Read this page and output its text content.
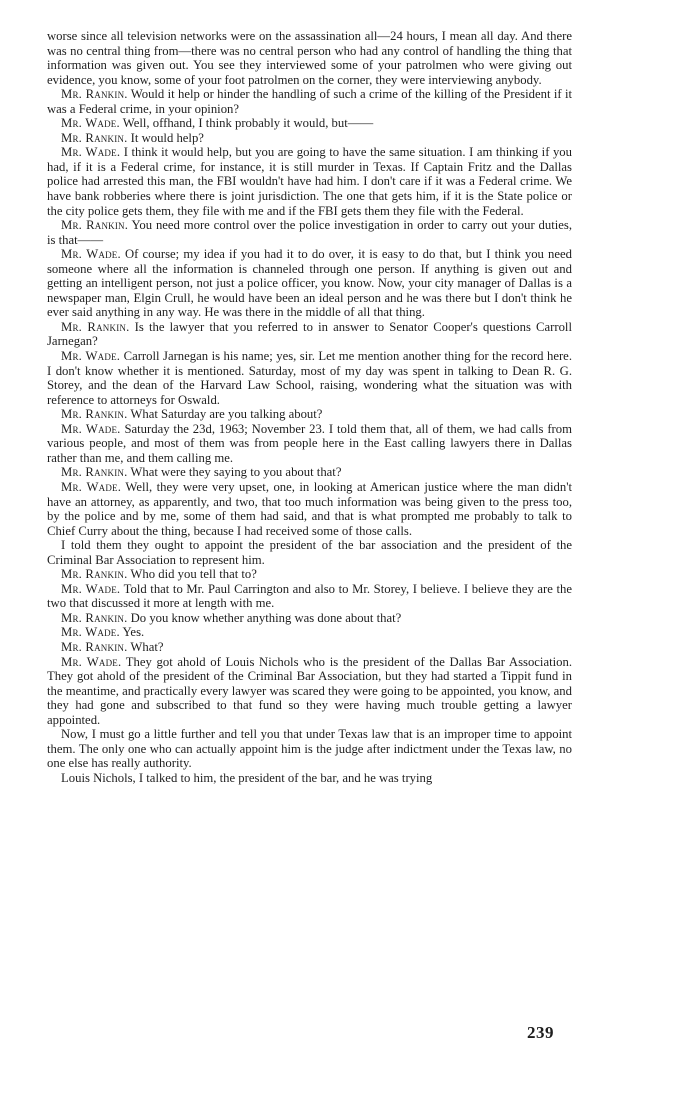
worse since all television networks were on the assassination all—24 hours, I mean all day. And there was no central thing from—there was no central person who had any control of handling the thing that information was given out. You see they interviewed some of your patrolmen who were giving out evidence, you know, some of your foot patrolmen on the corner, they were interviewing anybody.

Mr. Rankin. Would it help or hinder the handling of such a crime of the killing of the President if it was a Federal crime, in your opinion?

Mr. Wade. Well, offhand, I think probably it would, but——

Mr. Rankin. It would help?

Mr. Wade. I think it would help, but you are going to have the same situation. I am thinking if you had, if it is a Federal crime, for instance, it is still murder in Texas. If Captain Fritz and the Dallas police had arrested this man, the FBI wouldn't have had him. I don't care if it was a Federal crime. We have bank robberies where there is joint jurisdiction. The one that gets him, if it is the State police or the city police gets them, they file with me and if the FBI gets them they file with the Federal.

Mr. Rankin. You need more control over the police investigation in order to carry out your duties, is that——

Mr. Wade. Of course; my idea if you had it to do over, it is easy to do that, but I think you need someone where all the information is channeled through one person. If anything is given out and getting an intelligent person, not just a police officer, you know. Now, your city manager of Dallas is a newspaper man, Elgin Crull, he would have been an ideal person and he was there but I don't think he ever said anything in any way. He was there in the middle of all that thing.

Mr. Rankin. Is the lawyer that you referred to in answer to Senator Cooper's questions Carroll Jarnegan?

Mr. Wade. Carroll Jarnegan is his name; yes, sir. Let me mention another thing for the record here. I don't know whether it is mentioned. Saturday, most of my day was spent in talking to Dean R. G. Storey, and the dean of the Harvard Law School, raising, wondering what the situation was with reference to attorneys for Oswald.

Mr. Rankin. What Saturday are you talking about?

Mr. Wade. Saturday the 23d, 1963; November 23. I told them that, all of them, we had calls from various people, and most of them was from people here in the East calling lawyers there in Dallas rather than me, and them calling me.

Mr. Rankin. What were they saying to you about that?

Mr. Wade. Well, they were very upset, one, in looking at American justice where the man didn't have an attorney, as apparently, and two, that too much information was being given to the press too, by the police and by me, some of them had said, and that is what prompted me probably to talk to Chief Curry about the thing, because I had received some of those calls.

I told them they ought to appoint the president of the bar association and the president of the Criminal Bar Association to represent him.

Mr. Rankin. Who did you tell that to?

Mr. Wade. Told that to Mr. Paul Carrington and also to Mr. Storey, I believe. I believe they are the two that discussed it more at length with me.

Mr. Rankin. Do you know whether anything was done about that?

Mr. Wade. Yes.

Mr. Rankin. What?

Mr. Wade. They got ahold of Louis Nichols who is the president of the Dallas Bar Association. They got ahold of the president of the Criminal Bar Association, but they had started a Tippit fund in the meantime, and practically every lawyer was scared they were going to be appointed, you know, and they had gone and subscribed to that fund so they were having much trouble getting a lawyer appointed.

Now, I must go a little further and tell you that under Texas law that is an improper time to appoint them. The only one who can actually appoint him is the judge after indictment under the Texas law, no one else has really authority.

Louis Nichols, I talked to him, the president of the bar, and he was trying

239
